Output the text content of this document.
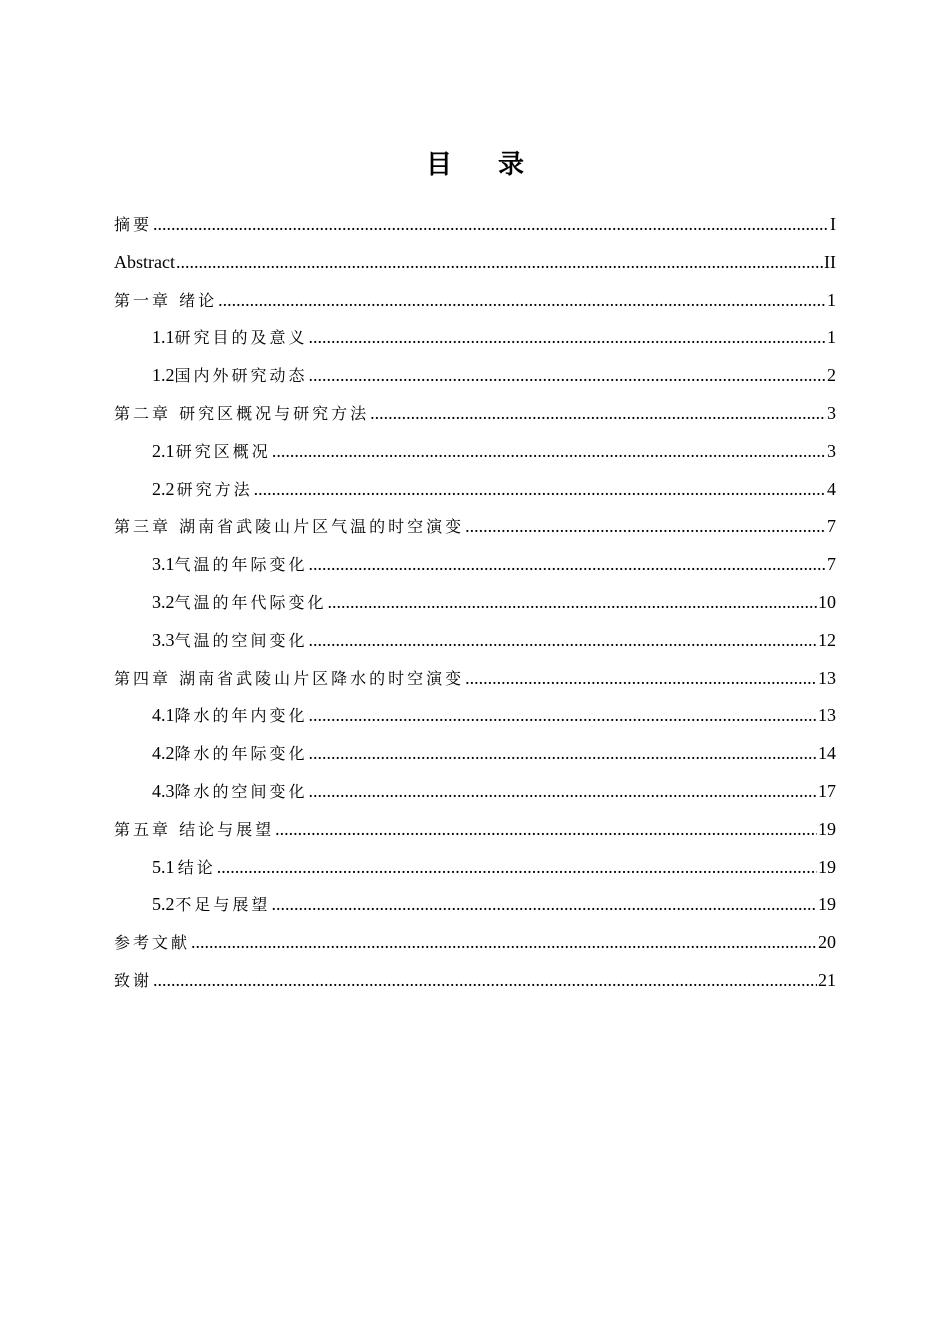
目 录
摘要 .....	I
Abstract .....	II
第一章 绪论 .....	1
1.1 研究目的及意义 .....	1
1.2 国内外研究动态 .....	2
第二章 研究区概况与研究方法 .....	3
2.1 研究区概况 .....	3
2.2 研究方法 .....	4
第三章 湖南省武陵山片区气温的时空演变 .....	7
3.1 气温的年际变化 .....	7
3.2 气温的年代际变化 .....	10
3.3 气温的空间变化 .....	12
第四章 湖南省武陵山片区降水的时空演变 .....	13
4.1 降水的年内变化 .....	13
4.2 降水的年际变化 .....	14
4.3 降水的空间变化 .....	17
第五章 结论与展望 .....	19
5.1 结论 .....	19
5.2 不足与展望 .....	19
参考文献 .....	20
致谢 .....	21
